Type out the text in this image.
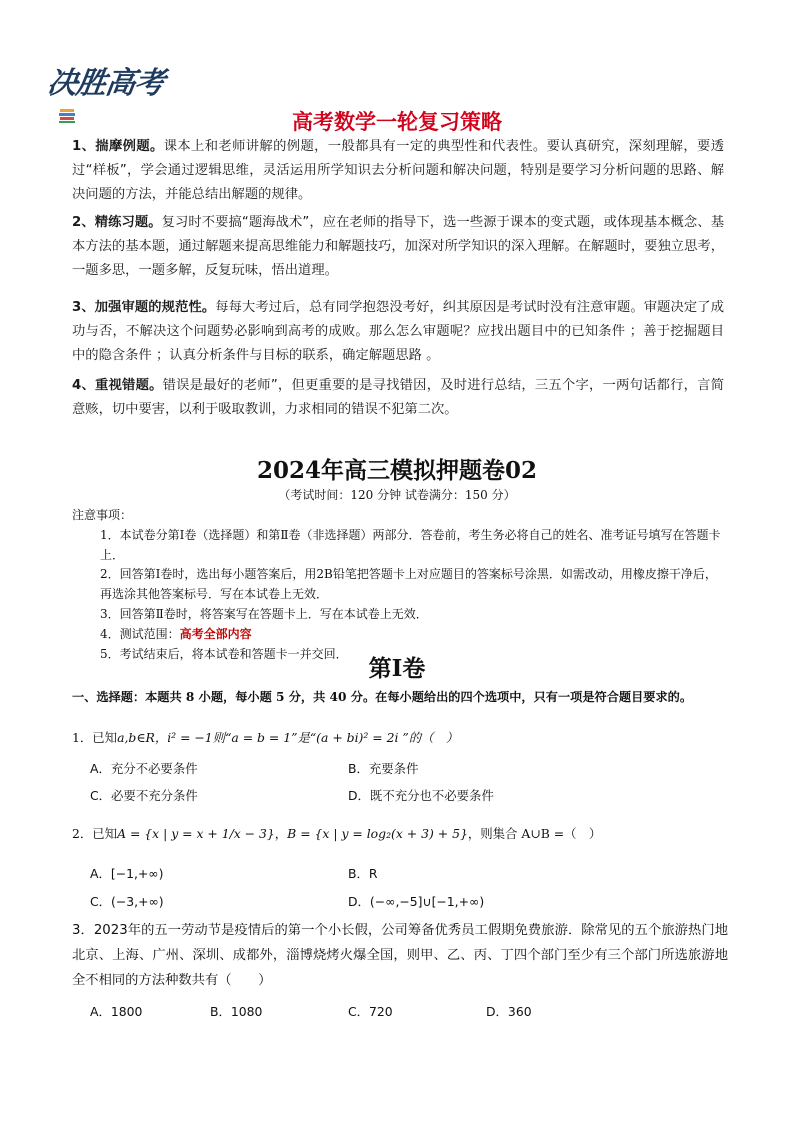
决胜高考
高考数学一轮复习策略
1、揣摩例题。课本上和老师讲解的例题，一般都具有一定的典型性和代表性。要认真研究，深刻理解，要透过“样板”，学会通过逻辑思维，灵活运用所学知识去分析问题和解决问题，特别是要学习分析问题的思路、解决问题的方法，并能总结出解题的规律。
2、精练习题。复习时不要搞“题海战术”，应在老师的指导下，选一些源于课本的变式题，或体现基本概念、基本方法的基本题，通过解题来提高思维能力和解题技巧，加深对所学知识的深入理解。在解题时，要独立思考，一题多思，一题多解，反复玩味，悟出道理。
3、加强审题的规范性。每每大考过后，总有同学抱怨没考好，纠其原因是考试时没有注意审题。审题决定了成功与否，不解决这个问题势必影响到高考的成败。那么怎么审题呢？应找出题目中的已知条件 ；善于挖掘题目中的隐含条件 ；认真分析条件与目标的联系，确定解题思路 。
4、重视错题。错误是最好的老师”，但更重要的是寻找错因，及时进行总结，三五个字，一两句话都行，言简意赅，切中要害，以利于吸取教训，力求相同的错误不犯第二次。
2024年高三模拟押题卷02
（考试时间：120 分钟 试卷满分：150 分）
注意事项：
1．本试卷分第Ⅰ卷（选择题）和第Ⅱ卷（非选择题）两部分．答卷前，考生务必将自己的姓名、准考证号填写在答题卡上．
2．回答第Ⅰ卷时，选出每小题答案后，用2B铅笔把答题卡上对应题目的答案标号涂黑．如需改动，用橡皮擦干净后，再选涂其他答案标号．写在本试卷上无效．
3．回答第Ⅱ卷时，将答案写在答题卡上．写在本试卷上无效．
4．测试范围：高考全部内容
5．考试结束后，将本试卷和答题卡一并交回．
第Ⅰ卷
一、选择题：本题共 8 小题，每小题 5 分，共 40 分。在每小题给出的四个选项中，只有一项是符合题目要求的。
1．已知a,b∈R，i² = −1则“a = b = 1”是“(a + bi)² = 2i ”的（　）
A．充分不必要条件	B．充要条件
C．必要不充分条件	D．既不充分也不必要条件
2．已知A = {x | y = x + 1/x − 3}，B = {x | y = log₂(x + 3) + 5}，则集合 A∪B =（　）
A．[−1,+∞)	B．R
C．(−3,+∞)	D．(−∞,−5]∪[−1,+∞)
3．2023年的五一劳动节是疫情后的第一个小长假，公司筹备优秀员工假期免费旅游．除常见的五个旅游热门地北京、上海、广州、深圳、成都外，淄博烧烤火爆全国，则甲、乙、丙、丁四个部门至少有三个部门所选旅游地全不相同的方法种数共有（　　）
A．1800	B．1080	C．720	D．360
